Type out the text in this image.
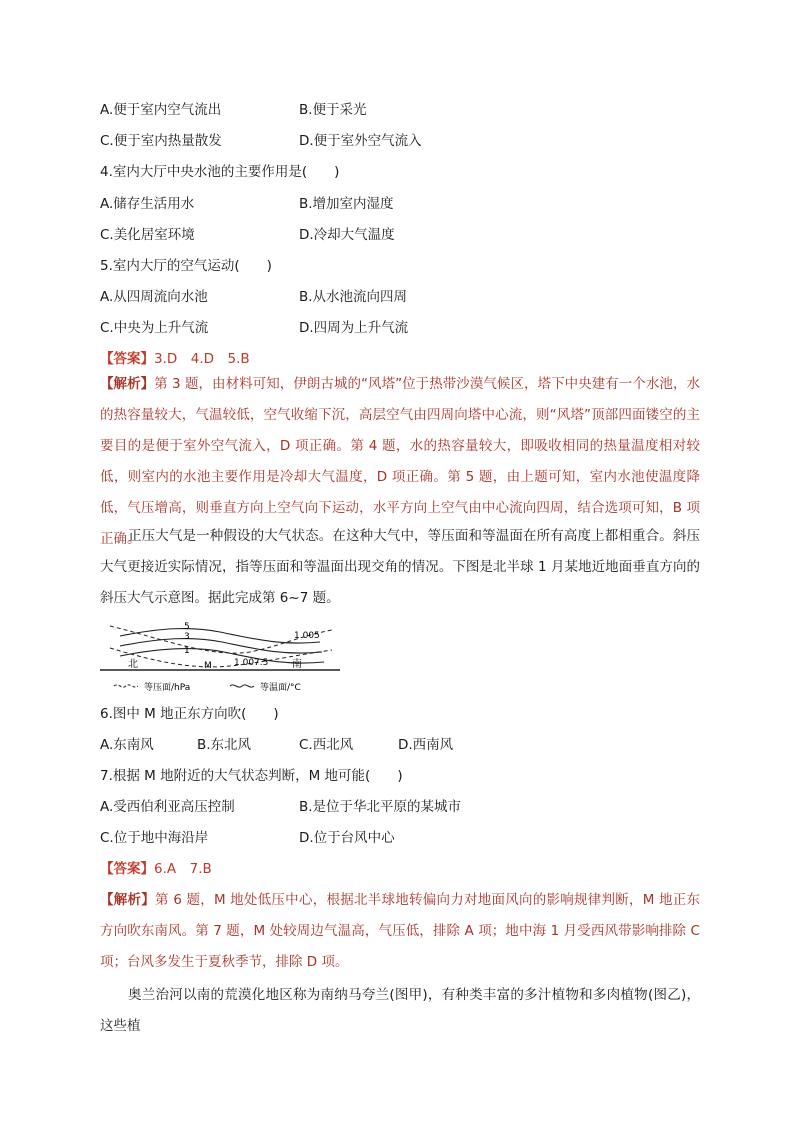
A.便于室内空气流出	B.便于采光
C.便于室内热量散发	D.便于室外空气流入
4.室内大厅中央水池的主要作用是(　　)
A.储存生活用水	B.增加室内湿度
C.美化居室环境	D.冷却大气温度
5.室内大厅的空气运动(　　)
A.从四周流向水池	B.从水池流向四周
C.中央为上升气流	D.四周为上升气流
【答案】3.D　4.D　5.B
【解析】第 3 题，由材料可知，伊朗古城的“风塔”位于热带沙漠气候区，塔下中央建有一个水池，水的热容量较大，气温较低，空气收缩下沉，高层空气由四周向塔中心流，则“风塔”顶部四面镂空的主要目的是便于室外空气流入，D 项正确。第 4 题，水的热容量较大，即吸收相同的热量温度相对较低，则室内的水池主要作用是冷却大气温度，D 项正确。第 5 题，由上题可知，室内水池使温度降低，气压增高，则垂直方向上空气向下运动，水平方向上空气由中心流向四周，结合选项可知，B 项正确。
正压大气是一种假设的大气状态。在这种大气中，等压面和等温面在所有高度上都相重合。斜压大气更接近实际情况，指等压面和等温面出现交角的情况。下图是北半球 1 月某地近地面垂直方向的斜压大气示意图。据此完成第 6~7 题。
5
3
1
1 005
1 007.5
北	M	南
等压面/hPa	等温面/°C
6.图中 M 地正东方向吹(　　)
A.东南风	B.东北风	C.西北风	D.西南风
7.根据 M 地附近的大气状态判断，M 地可能(　　)
A.受西伯利亚高压控制	B.是位于华北平原的某城市
C.位于地中海沿岸	D.位于台风中心
【答案】6.A　7.B
【解析】第 6 题，M 地处低压中心，根据北半球地转偏向力对地面风向的影响规律判断，M 地正东方向吹东南风。第 7 题，M 处较周边气温高，气压低，排除 A 项；地中海 1 月受西风带影响排除 C 项；台风多发生于夏秋季节，排除 D 项。
奥兰治河以南的荒漠化地区称为南纳马夸兰(图甲)，有种类丰富的多汁植物和多肉植物(图乙)，这些植
